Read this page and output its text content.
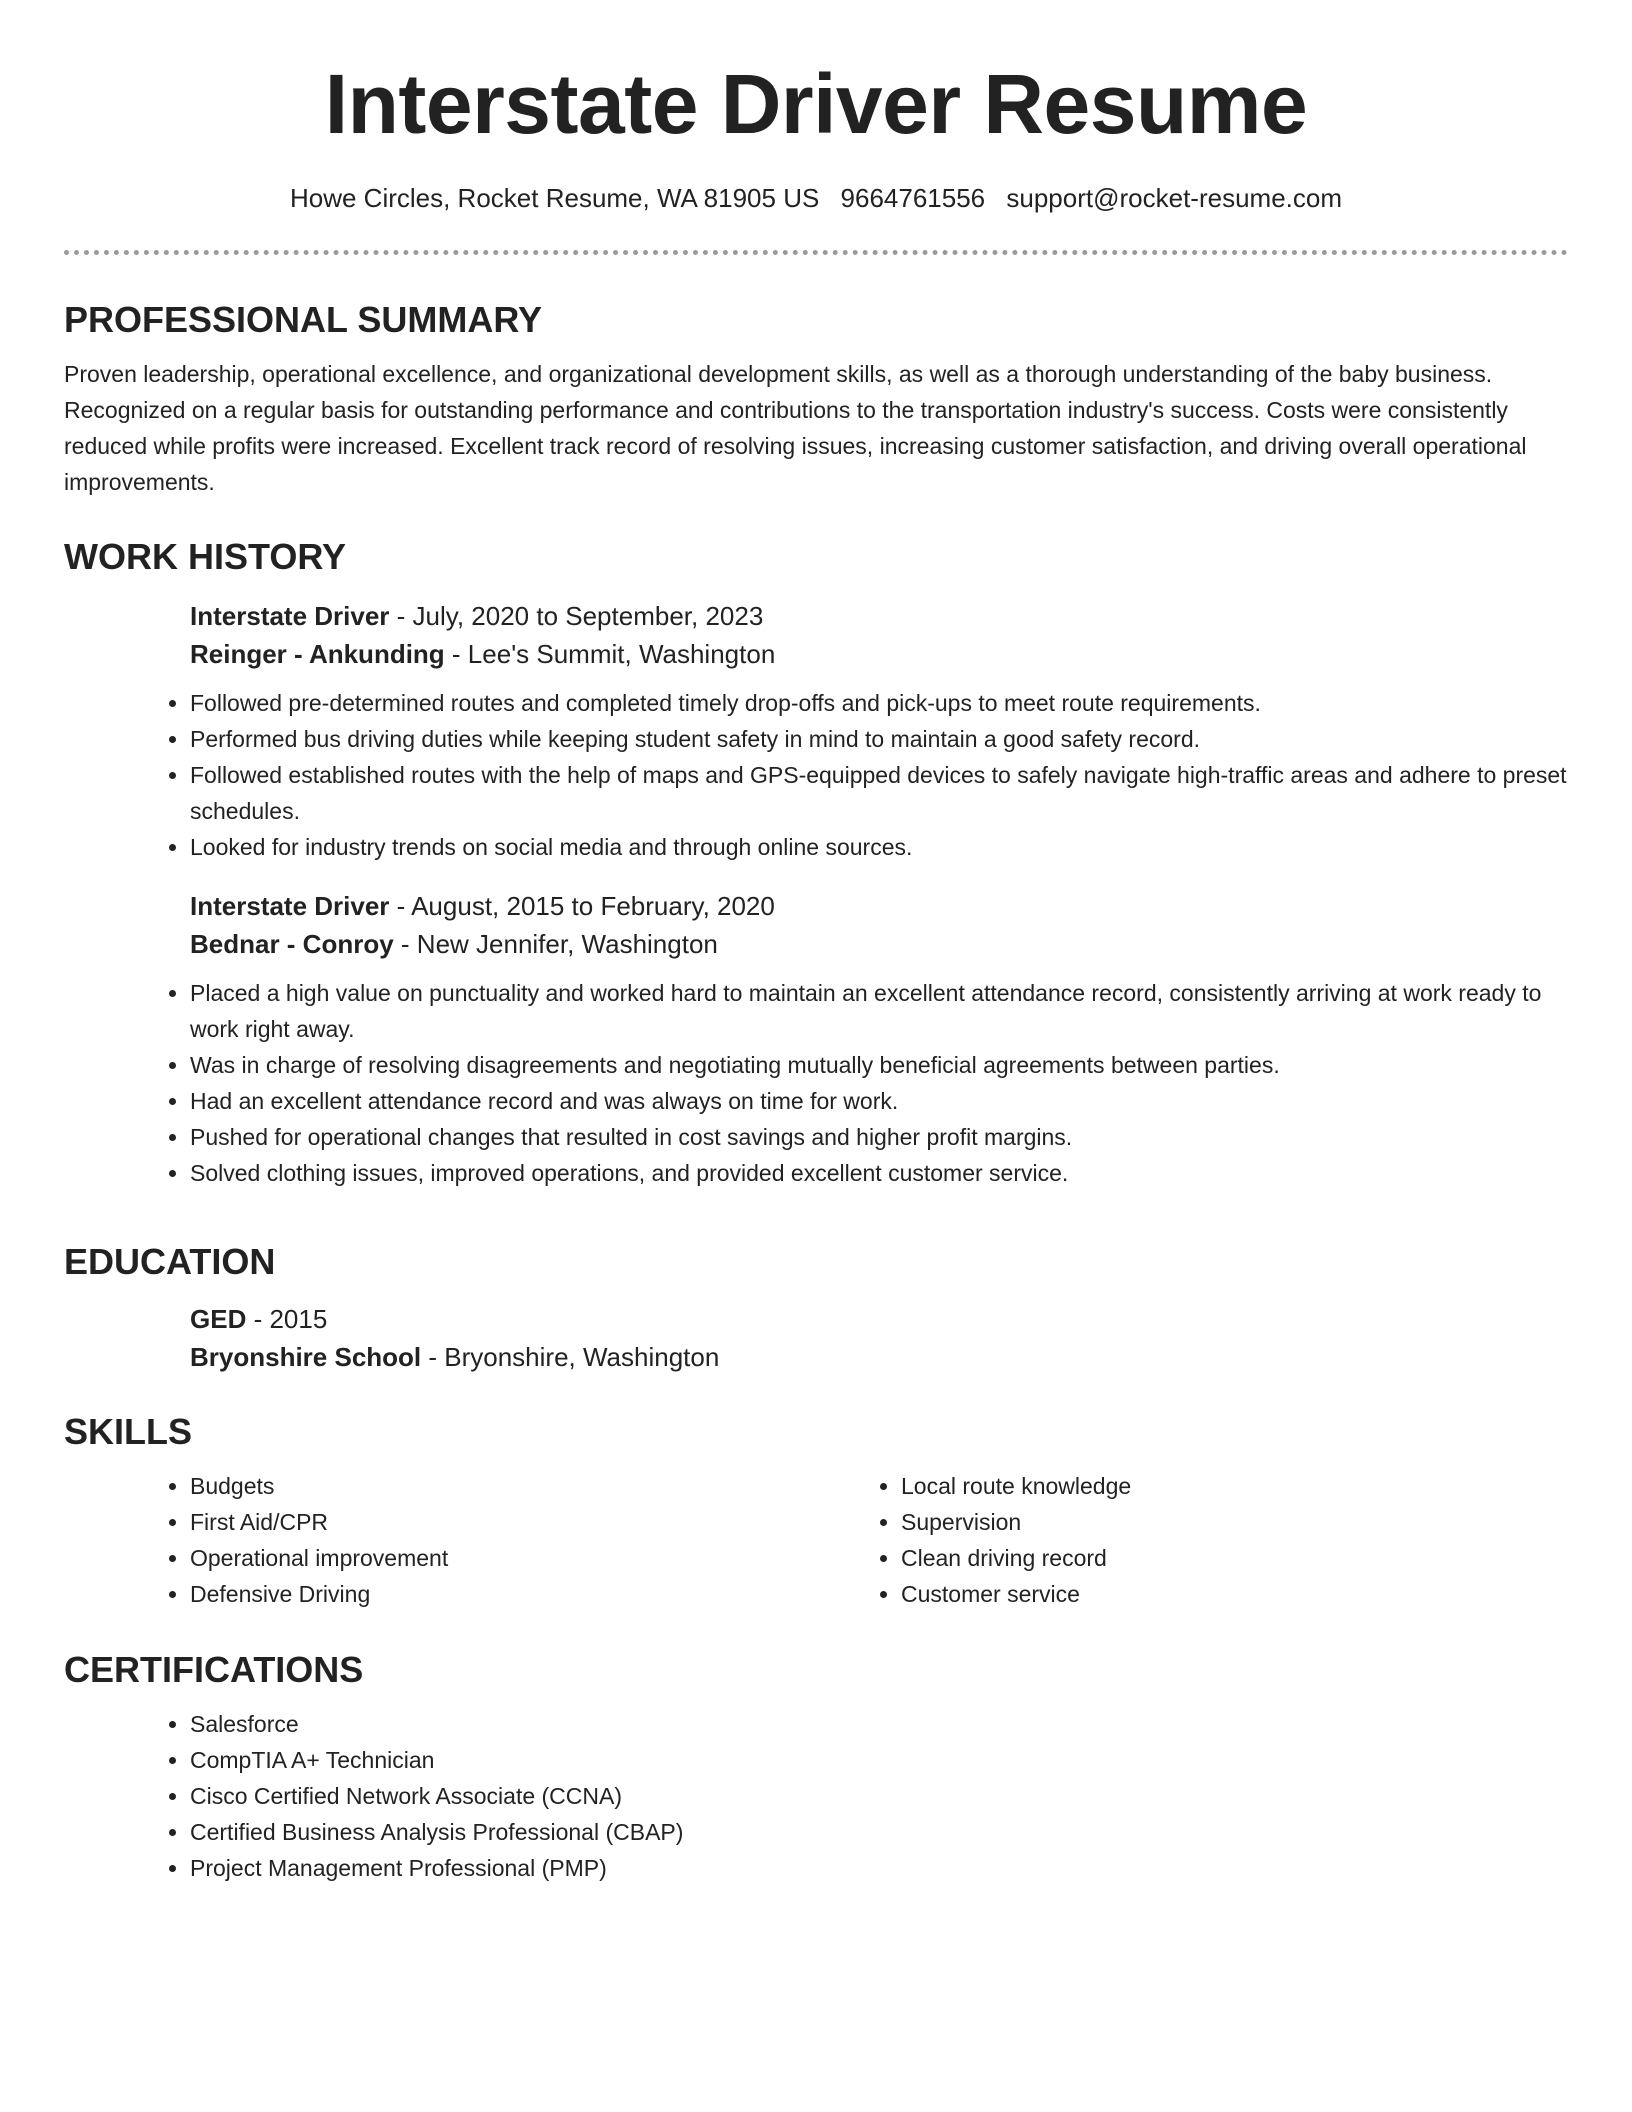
Interstate Driver Resume
Howe Circles, Rocket Resume, WA 81905 US 9664761556 support@rocket-resume.com
PROFESSIONAL SUMMARY

Proven leadership, operational excellence, and organizational development skills, as well as a thorough understanding of the baby business. Recognized on a regular basis for outstanding performance and contributions to the transportation industry's success. Costs were consistently reduced while profits were increased. Excellent track record of resolving issues, increasing customer satisfaction, and driving overall operational improvements.

WORK HISTORY
Interstate Driver - July, 2020 to September, 2023
Reinger - Ankunding - Lee's Summit, Washington
• Followed pre-determined routes and completed timely drop-offs and pick-ups to meet route requirements.
• Performed bus driving duties while keeping student safety in mind to maintain a good safety record.
• Followed established routes with the help of maps and GPS-equipped devices to safely navigate high-traffic areas and adhere to preset schedules.
• Looked for industry trends on social media and through online sources.
Interstate Driver - August, 2015 to February, 2020
Bednar - Conroy - New Jennifer, Washington
• Placed a high value on punctuality and worked hard to maintain an excellent attendance record, consistently arriving at work ready to work right away.
• Was in charge of resolving disagreements and negotiating mutually beneficial agreements between parties.
• Had an excellent attendance record and was always on time for work.
• Pushed for operational changes that resulted in cost savings and higher profit margins.
• Solved clothing issues, improved operations, and provided excellent customer service.
EDUCATION
GED - 2015
Bryonshire School - Bryonshire, Washington
SKILLS
• Budgets
• First Aid/CPR
• Operational improvement
• Defensive Driving
• Local route knowledge
• Supervision
• Clean driving record
• Customer service
CERTIFICATIONS
• Salesforce
• CompTIA A+ Technician
• Cisco Certified Network Associate (CCNA)
• Certified Business Analysis Professional (CBAP)
• Project Management Professional (PMP)
